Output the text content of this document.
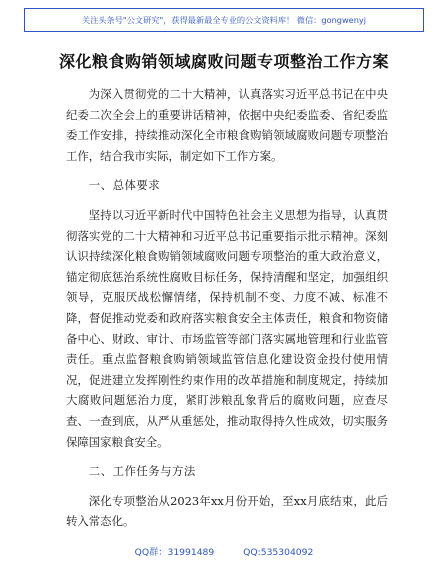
关注头条号"公文研究"，获得最新最全专业的公文资料库！ 微信：gongwenyj
深化粮食购销领域腐败问题专项整治工作方案

为深入贯彻党的二十大精神，认真落实习近平总书记在中央纪委二次全会上的重要讲话精神，依据中央纪委监委、省纪委监委工作安排，持续推动深化全市粮食购销领域腐败问题专项整治工作，结合我市实际，制定如下工作方案。

一、总体要求

坚持以习近平新时代中国特色社会主义思想为指导，认真贯彻落实党的二十大精神和习近平总书记重要指示批示精神。深刻认识持续深化粮食购销领域腐败问题专项整治的重大政治意义，锚定彻底惩治系统性腐败目标任务，保持清醒和坚定，加强组织领导，克服厌战松懈情绪，保持机制不变、力度不减、标准不降，督促推动党委和政府落实粮食安全主体责任，粮食和物资储备中心、财政、审计、市场监管等部门落实属地管理和行业监管责任。重点监督粮食购销领域监管信息化建设资金投付使用情况，促进建立发挥刚性约束作用的改革措施和制度规定，持续加大腐败问题惩治力度，紧盯涉粮乱象背后的腐败问题，应查尽查、一查到底，从严从重惩处，推动取得持久性成效，切实服务保障国家粮食安全。

二、工作任务与方法

深化专项整治从2023年xx月份开始，至xx月底结束，此后转入常态化。

QQ群：31991489	QQ:535304092
